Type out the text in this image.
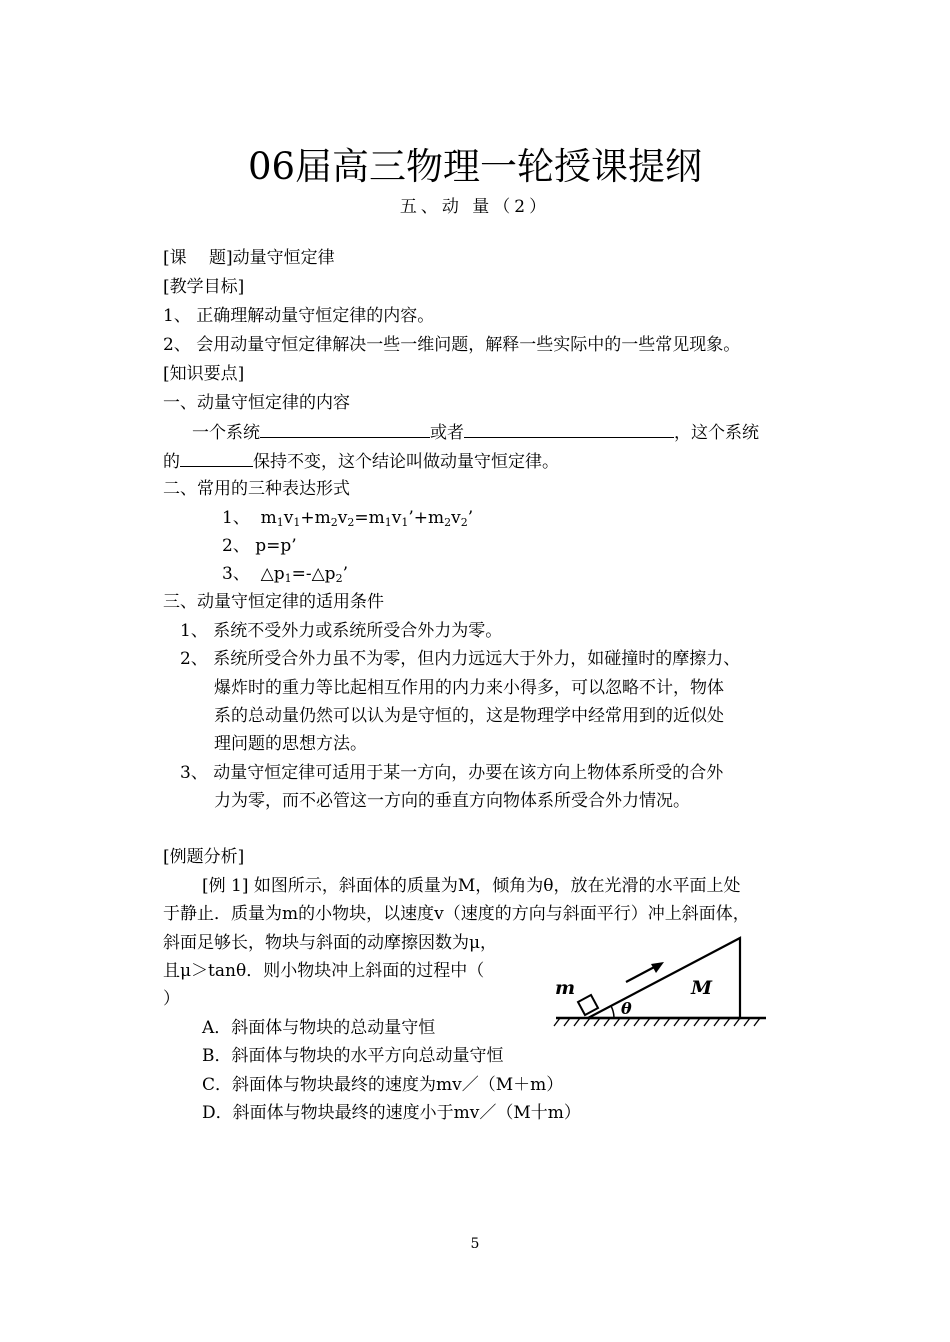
06届高三物理一轮授课提纲
五、动 量（2）
[课　 题]动量守恒定律
[教学目标]
1、 正确理解动量守恒定律的内容。
2、 会用动量守恒定律解决一些一维问题，解释一些实际中的一些常见现象。
[知识要点]
一、动量守恒定律的内容
一个系统	或者	，这个系统
的	保持不变，这个结论叫做动量守恒定律。
二、常用的三种表达形式
1、  $m_1v_1+m_2v_2=m_1v_1’+m_2v_2$’
2、 p=p’
3、 $\triangle p_1=-\triangle p_2$’
三、动量守恒定律的适用条件
1、 系统不受外力或系统所受合外力为零。
2、 系统所受合外力虽不为零，但内力远远大于外力，如碰撞时的摩擦力、
爆炸时的重力等比起相互作用的内力来小得多，可以忽略不计，物体
系的总动量仍然可以认为是守恒的，这是物理学中经常用到的近似处
理问题的思想方法。
3、 动量守恒定律可适用于某一方向，办要在该方向上物体系所受的合外
力为零，而不必管这一方向的垂直方向物体系所受合外力情况。
[例题分析]
[例 1] 如图所示，斜面体的质量为M，倾角为θ，放在光滑的水平面上处
于静止．质量为m的小物块，以速度v（速度的方向与斜面平行）冲上斜面体，
斜面足够长，物块与斜面的动摩擦因数为μ，
且μ＞tanθ．则小物块冲上斜面的过程中（
）
A．斜面体与物块的总动量守恒
B．斜面体与物块的水平方向总动量守恒
C．斜面体与物块最终的速度为mv／（M＋m）
D．斜面体与物块最终的速度小于mv／（M十m）
m	M
θ
5
